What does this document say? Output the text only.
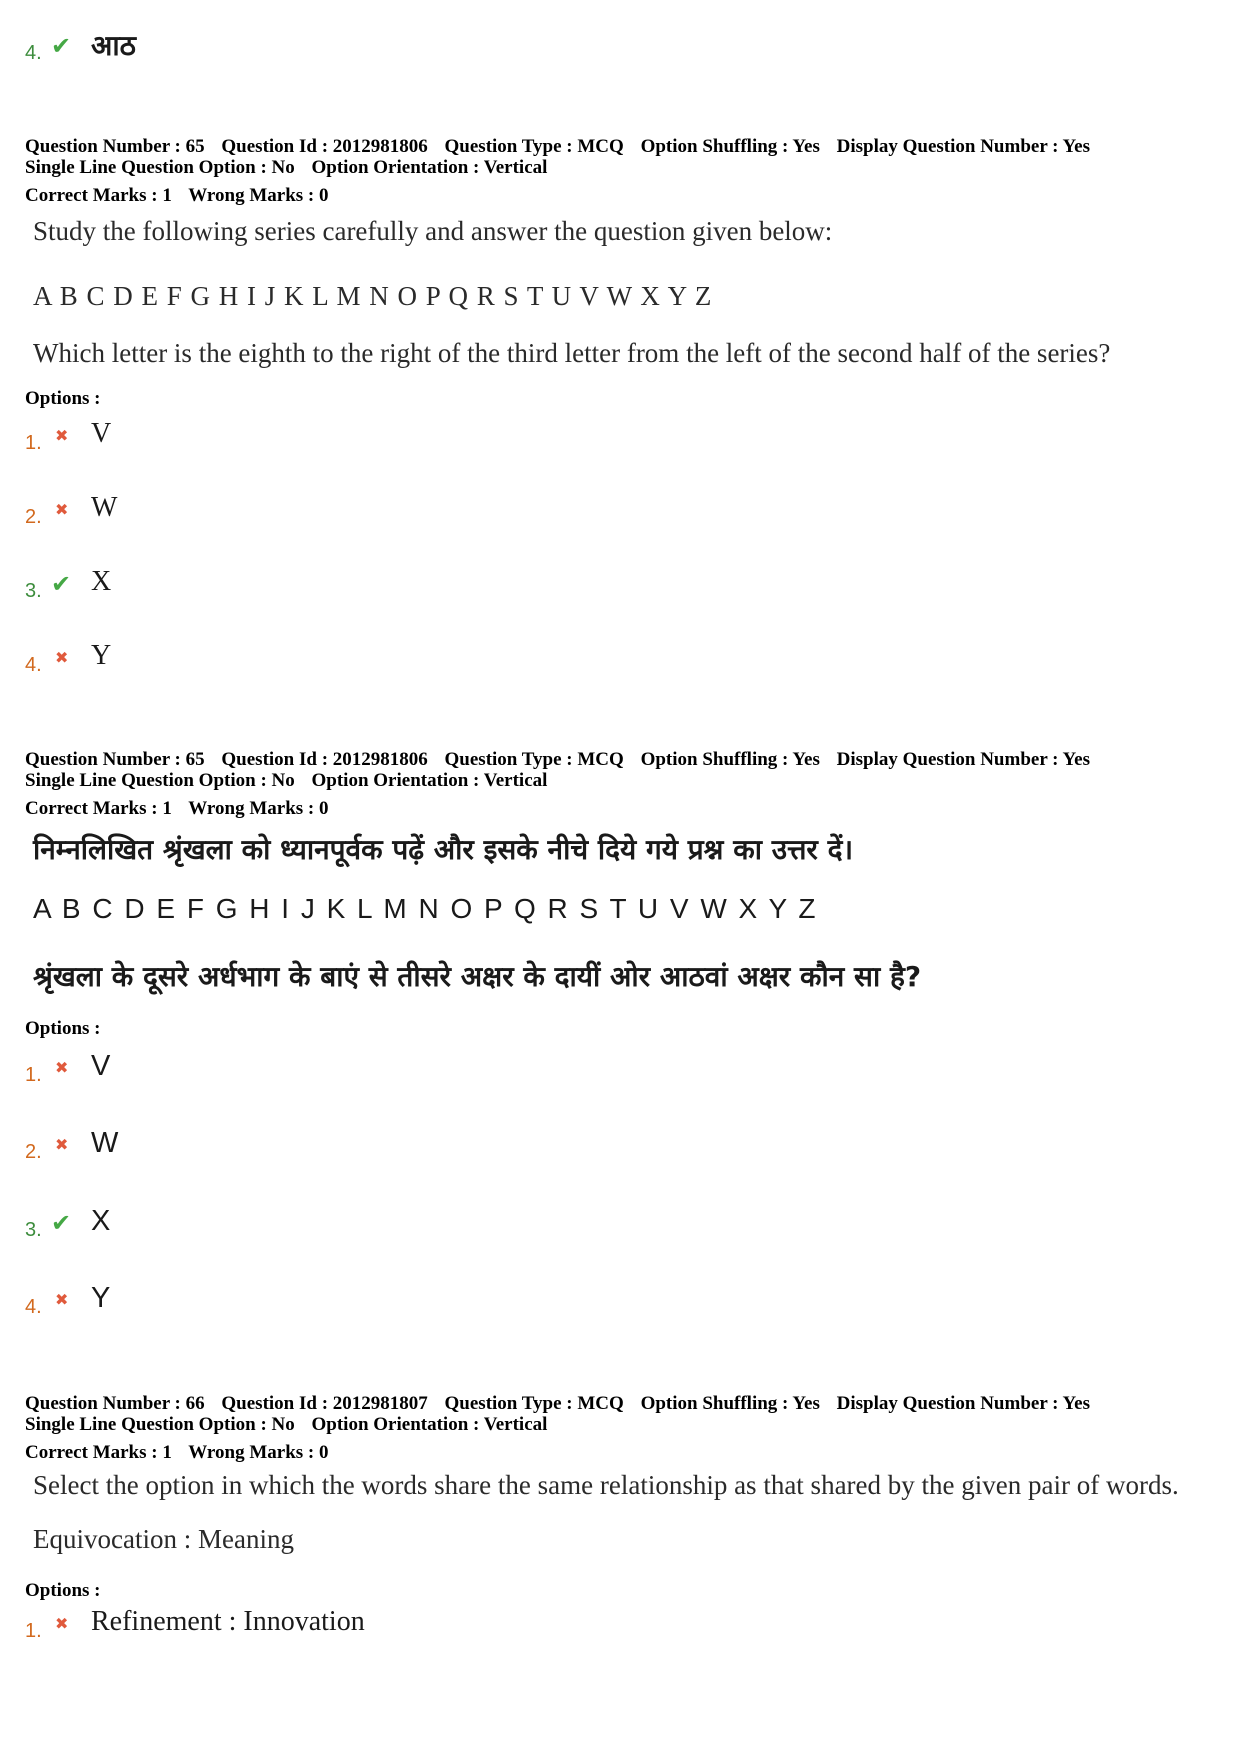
4. ✔ आठ
Question Number : 65 Question Id : 2012981806 Question Type : MCQ Option Shuffling : Yes Display Question Number : Yes
Single Line Question Option : No Option Orientation : Vertical
Correct Marks : 1 Wrong Marks : 0
Study the following series carefully and answer the question given below:
A B C D E F G H I J K L M N O P Q R S T U V W X Y Z
Which letter is the eighth to the right of the third letter from the left of the second half of the series?
Options :
1. ✖ V
2. ✖ W
3. ✔ X
4. ✖ Y
Question Number : 65 Question Id : 2012981806 Question Type : MCQ Option Shuffling : Yes Display Question Number : Yes
Single Line Question Option : No Option Orientation : Vertical
Correct Marks : 1 Wrong Marks : 0
निम्नलिखित श्रृंखला को ध्यानपूर्वक पढ़ें और इसके नीचे दिये गये प्रश्न का उत्तर दें।
A B C D E F G H I J K L M N O P Q R S T U V W X Y Z
श्रृंखला के दूसरे अर्धभाग के बाएं से तीसरे अक्षर के दायीं ओर आठवां अक्षर कौन सा है?
Options :
1. ✖ V
2. ✖ W
3. ✔ X
4. ✖ Y
Question Number : 66 Question Id : 2012981807 Question Type : MCQ Option Shuffling : Yes Display Question Number : Yes
Single Line Question Option : No Option Orientation : Vertical
Correct Marks : 1 Wrong Marks : 0
Select the option in which the words share the same relationship as that shared by the given pair of words.
Equivocation : Meaning
Options :
1. ✖ Refinement : Innovation
